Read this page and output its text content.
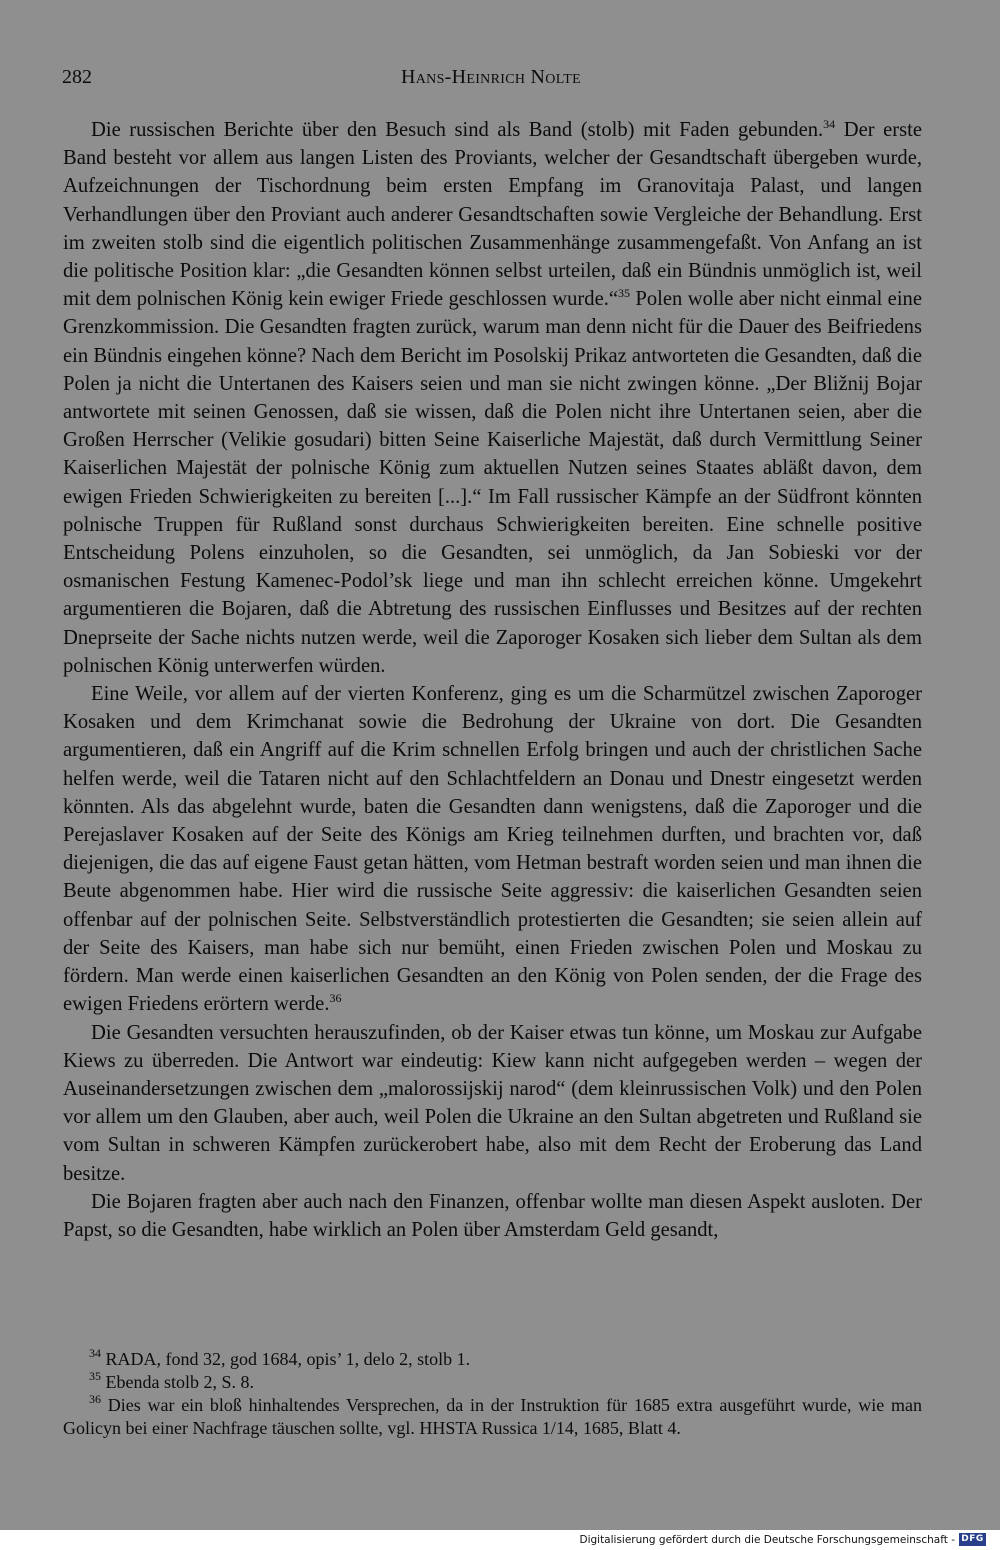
282	Hans-Heinrich Nolte

Die russischen Berichte über den Besuch sind als Band (stolb) mit Faden gebunden.$^{34}$ Der erste Band besteht vor allem aus langen Listen des Proviants, welcher der Gesandtschaft übergeben wurde, Aufzeichnungen der Tischordnung beim ersten Empfang im Granovitaja Palast, und langen Verhandlungen über den Proviant auch anderer Gesandtschaften sowie Vergleiche der Behandlung. Erst im zweiten stolb sind die eigentlich politischen Zusammenhänge zusammengefaßt. Von Anfang an ist die politische Position klar: „die Gesandten können selbst urteilen, daß ein Bündnis unmöglich ist, weil mit dem polnischen König kein ewiger Friede geschlossen wurde.“$^{35}$ Polen wolle aber nicht einmal eine Grenzkommission. Die Gesandten fragten zurück, warum man denn nicht für die Dauer des Beifriedens ein Bündnis eingehen könne? Nach dem Bericht im Posolskij Prikaz antworteten die Gesandten, daß die Polen ja nicht die Untertanen des Kaisers seien und man sie nicht zwingen könne. „Der Bližnij Bojar antwortete mit seinen Genossen, daß sie wissen, daß die Polen nicht ihre Untertanen seien, aber die Großen Herrscher (Velikie gosudari) bitten Seine Kaiserliche Majestät, daß durch Vermittlung Seiner Kaiserlichen Majestät der polnische König zum aktuellen Nutzen seines Staates abläßt davon, dem ewigen Frieden Schwierigkeiten zu bereiten [...].“ Im Fall russischer Kämpfe an der Südfront könnten polnische Truppen für Rußland sonst durchaus Schwierigkeiten bereiten. Eine schnelle positive Entscheidung Polens einzuholen, so die Gesandten, sei unmöglich, da Jan Sobieski vor der osmanischen Festung Kamenec-Podol’sk liege und man ihn schlecht erreichen könne. Umgekehrt argumentieren die Bojaren, daß die Abtretung des russischen Einflusses und Besitzes auf der rechten Dneprseite der Sache nichts nutzen werde, weil die Zaporoger Kosaken sich lieber dem Sultan als dem polnischen König unterwerfen würden.

Eine Weile, vor allem auf der vierten Konferenz, ging es um die Scharmützel zwischen Zaporoger Kosaken und dem Krimchanat sowie die Bedrohung der Ukraine von dort. Die Gesandten argumentieren, daß ein Angriff auf die Krim schnellen Erfolg bringen und auch der christlichen Sache helfen werde, weil die Tataren nicht auf den Schlachtfeldern an Donau und Dnestr eingesetzt werden könnten. Als das abgelehnt wurde, baten die Gesandten dann wenigstens, daß die Zaporoger und die Perejaslaver Kosaken auf der Seite des Königs am Krieg teilnehmen durften, und brachten vor, daß diejenigen, die das auf eigene Faust getan hätten, vom Hetman bestraft worden seien und man ihnen die Beute abgenommen habe. Hier wird die russische Seite aggressiv: die kaiserlichen Gesandten seien offenbar auf der polnischen Seite. Selbstverständlich protestierten die Gesandten; sie seien allein auf der Seite des Kaisers, man habe sich nur bemüht, einen Frieden zwischen Polen und Moskau zu fördern. Man werde einen kaiserlichen Gesandten an den König von Polen senden, der die Frage des ewigen Friedens erörtern werde.$^{36}$

Die Gesandten versuchten herauszufinden, ob der Kaiser etwas tun könne, um Moskau zur Aufgabe Kiews zu überreden. Die Antwort war eindeutig: Kiew kann nicht aufgegeben werden – wegen der Auseinandersetzungen zwischen dem „malorossijskij narod“ (dem kleinrussischen Volk) und den Polen vor allem um den Glauben, aber auch, weil Polen die Ukraine an den Sultan abgetreten und Rußland sie vom Sultan in schweren Kämpfen zurückerobert habe, also mit dem Recht der Eroberung das Land besitze.

Die Bojaren fragten aber auch nach den Finanzen, offenbar wollte man diesen Aspekt ausloten. Der Papst, so die Gesandten, habe wirklich an Polen über Amsterdam Geld gesandt,

$^{34}$ RADA, fond 32, god 1684, opis’ 1, delo 2, stolb 1.

$^{35}$ Ebenda stolb 2, S. 8.

$^{36}$ Dies war ein bloß hinhaltendes Versprechen, da in der Instruktion für 1685 extra ausgeführt wurde, wie man Golicyn bei einer Nachfrage täuschen sollte, vgl. HHSTA Russica 1/14, 1685, Blatt 4.

Digitalisierung gefördert durch die Deutsche Forschungsgemeinschaft - DFG
